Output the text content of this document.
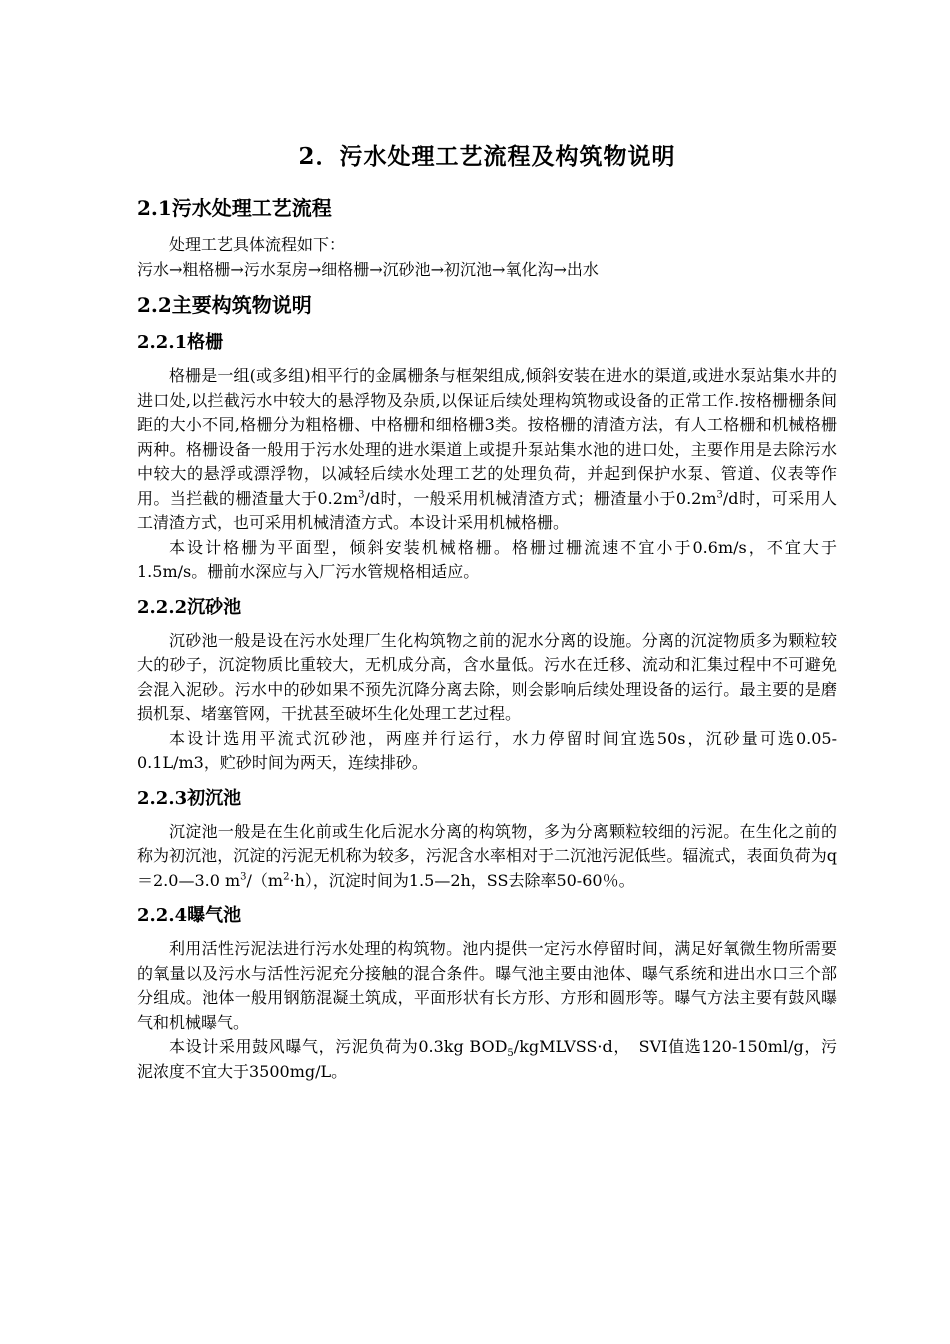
2．污水处理工艺流程及构筑物说明
2.1污水处理工艺流程

处理工艺具体流程如下：

污水→粗格栅→污水泵房→细格栅→沉砂池→初沉池→氧化沟→出水

2.2主要构筑物说明
2.2.1格栅

格栅是一组(或多组)相平行的金属栅条与框架组成,倾斜安装在进水的渠道,或进水泵站集水井的进口处,以拦截污水中较大的悬浮物及杂质,以保证后续处理构筑物或设备的正常工作.按格栅栅条间距的大小不同,格栅分为粗格栅、中格栅和细格栅3类。按格栅的清渣方法，有人工格栅和机械格栅两种。格栅设备一般用于污水处理的进水渠道上或提升泵站集水池的进口处，主要作用是去除污水中较大的悬浮或漂浮物，以减轻后续水处理工艺的处理负荷，并起到保护水泵、管道、仪表等作用。当拦截的栅渣量大于$0.2m^3/d$时，一般采用机械清渣方式；栅渣量小于$0.2m^3/d$时，可采用人工清渣方式，也可采用机械清渣方式。本设计采用机械格栅。

本设计格栅为平面型，倾斜安装机械格栅。格栅过栅流速不宜小于0.6m/s，不宜大于1.5m/s。栅前水深应与入厂污水管规格相适应。

2.2.2沉砂池

沉砂池一般是设在污水处理厂生化构筑物之前的泥水分离的设施。分离的沉淀物质多为颗粒较大的砂子，沉淀物质比重较大，无机成分高，含水量低。污水在迁移、流动和汇集过程中不可避免会混入泥砂。污水中的砂如果不预先沉降分离去除，则会影响后续处理设备的运行。最主要的是磨损机泵、堵塞管网，干扰甚至破坏生化处理工艺过程。

本设计选用平流式沉砂池，两座并行运行，水力停留时间宜选50s，沉砂量可选0.05-0.1L/m3，贮砂时间为两天，连续排砂。

2.2.3初沉池

沉淀池一般是在生化前或生化后泥水分离的构筑物，多为分离颗粒较细的污泥。在生化之前的称为初沉池，沉淀的污泥无机称为较多，污泥含水率相对于二沉池污泥低些。辐流式，表面负荷为q＝2.0—3.0 $m^3/(m^2\cdot h)$，沉淀时间为1.5—2h，SS去除率50-60％。

2.2.4曝气池

利用活性污泥法进行污水处理的构筑物。池内提供一定污水停留时间，满足好氧微生物所需要的氧量以及污水与活性污泥充分接触的混合条件。曝气池主要由池体、曝气系统和进出水口三个部分组成。池体一般用钢筋混凝土筑成，平面形状有长方形、方形和圆形等。曝气方法主要有鼓风曝气和机械曝气。

本设计采用鼓风曝气，污泥负荷为0.3kg $BOD_5/kgMLVSS\cdot d$，　SVI值选120-150ml/g，污泥浓度不宜大于3500mg/L。
